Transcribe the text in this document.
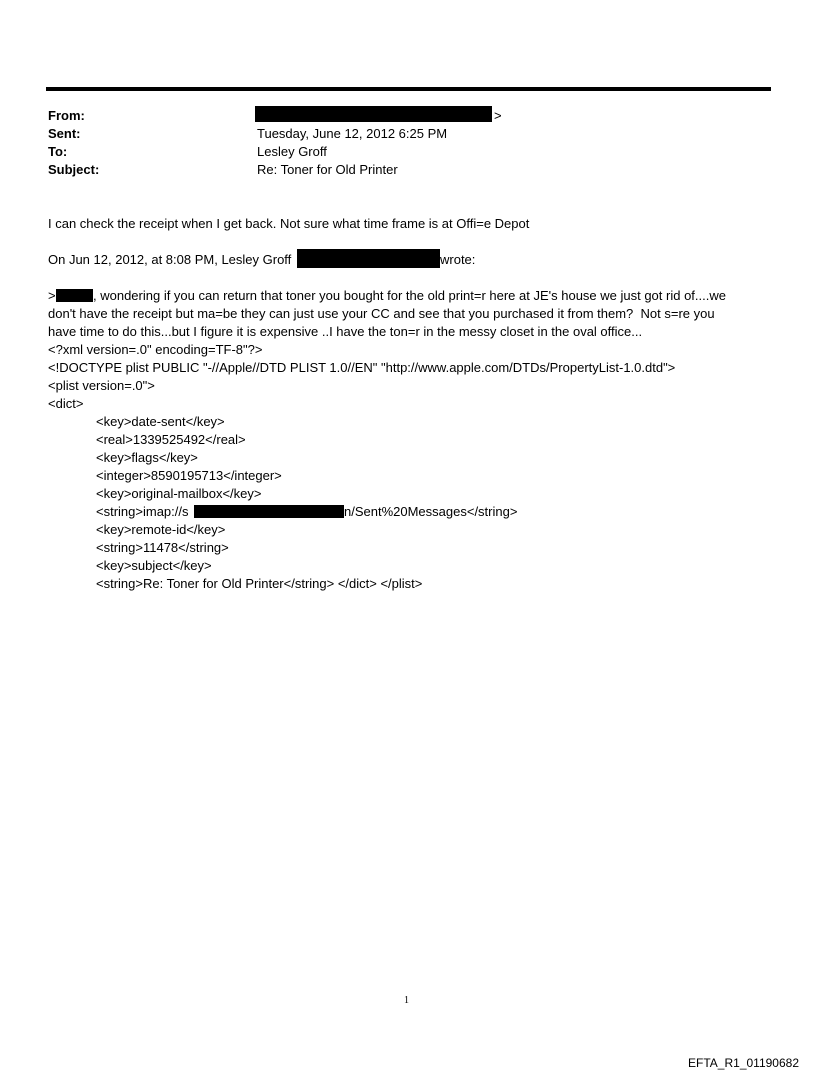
From:	>
Sent:	Tuesday, June 12, 2012 6:25 PM
To:	Lesley Groff
Subject:	Re: Toner for Old Printer
I can check the receipt when I get back. Not sure what time frame is at Offi=e Depot
On Jun 12, 2012, at 8:08 PM, Lesley Groff	wrote:
>	, wondering if you can return that toner you bought for the old print=r here at JE's house we just got rid of....we
don't have the receipt but ma=be they can just use your CC and see that you purchased it from them?  Not s=re you
have time to do this...but I figure it is expensive ..I have the ton=r in the messy closet in the oval office...
<?xml version=.0" encoding=TF-8"?>
<!DOCTYPE plist PUBLIC "-//Apple//DTD PLIST 1.0//EN" "http://www.apple.com/DTDs/PropertyList-1.0.dtd">
<plist version=.0">
<dict>
<key>date-sent</key>
<real>1339525492</real>
<key>flags</key>
<integer>8590195713</integer>
<key>original-mailbox</key>
<string>imap://s	n/Sent%20Messages</string>
<key>remote-id</key>
<string>11478</string>
<key>subject</key>
<string>Re: Toner for Old Printer</string> </dict> </plist>
1
EFTA_R1_01190682
